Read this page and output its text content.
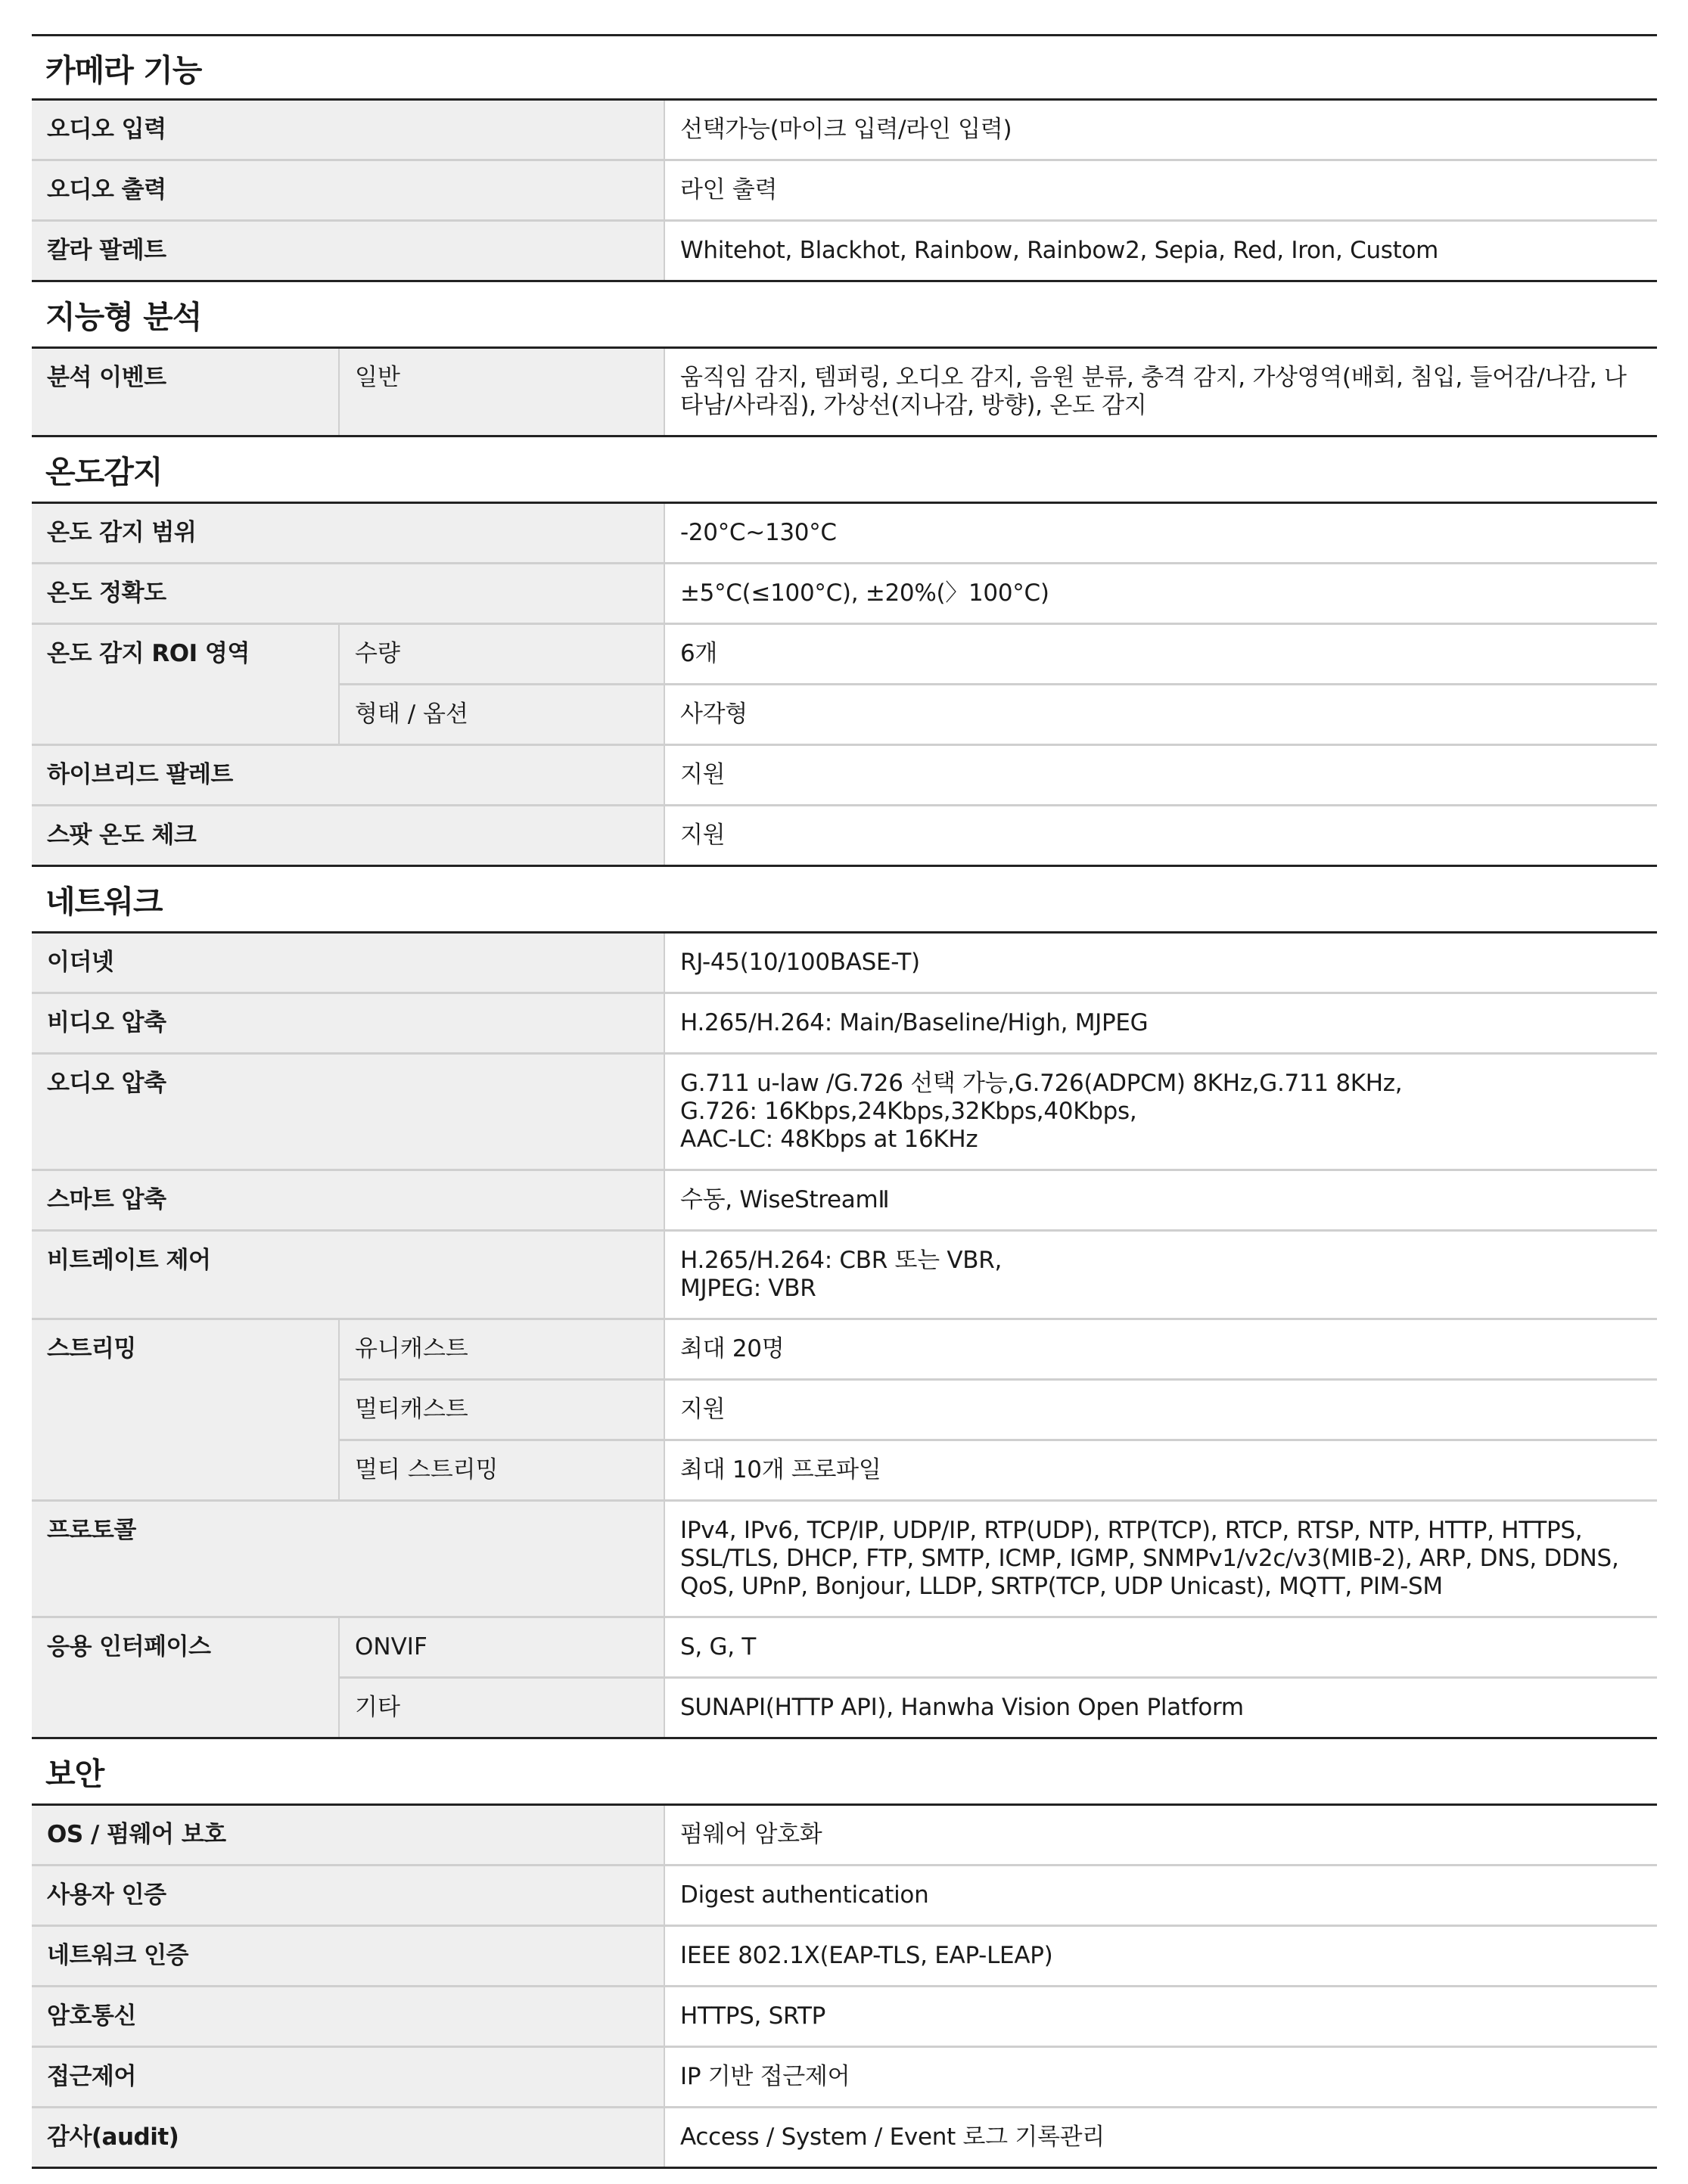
카메라 기능
오디오 입력	선택가능(마이크 입력/라인 입력)
오디오 출력	라인 출력
칼라 팔레트	Whitehot, Blackhot, Rainbow, Rainbow2, Sepia, Red, Iron, Custom
지능형 분석
분석 이벤트	일반	움직임 감지, 템퍼링, 오디오 감지, 음원 분류, 충격 감지, 가상영역(배회, 침입, 들어감/나감, 나타남/사라짐), 가상선(지나감, 방향), 온도 감지
온도감지
온도 감지 범위	-20°C~130°C
온도 정확도	±5°C(≤100°C), ±20%(〉100°C)
온도 감지 ROI 영역	수량	6개
형태 / 옵션	사각형
하이브리드 팔레트	지원
스팟 온도 체크	지원
네트워크
이더넷	RJ-45(10/100BASE-T)
비디오 압축	H.265/H.264: Main/Baseline/High, MJPEG
오디오 압축	G.711 u-law /G.726 선택 가능,G.726(ADPCM) 8KHz,G.711 8KHz,
G.726: 16Kbps,24Kbps,32Kbps,40Kbps,
AAC-LC: 48Kbps at 16KHz
스마트 압축	수동, WiseStreamⅡ
비트레이트 제어	H.265/H.264: CBR 또는 VBR,
MJPEG: VBR
스트리밍	유니캐스트	최대 20명
멀티캐스트	지원
멀티 스트리밍	최대 10개 프로파일
프로토콜	IPv4, IPv6, TCP/IP, UDP/IP, RTP(UDP), RTP(TCP), RTCP, RTSP, NTP, HTTP, HTTPS,
SSL/TLS, DHCP, FTP, SMTP, ICMP, IGMP, SNMPv1/v2c/v3(MIB-2), ARP, DNS, DDNS,
QoS, UPnP, Bonjour, LLDP, SRTP(TCP, UDP Unicast), MQTT, PIM-SM
응용 인터페이스	ONVIF	S, G, T
기타	SUNAPI(HTTP API), Hanwha Vision Open Platform
보안
OS / 펌웨어 보호	펌웨어 암호화
사용자 인증	Digest authentication
네트워크 인증	IEEE 802.1X(EAP-TLS, EAP-LEAP)
암호통신	HTTPS, SRTP
접근제어	IP 기반 접근제어
감사(audit)	Access / System / Event 로그 기록관리
